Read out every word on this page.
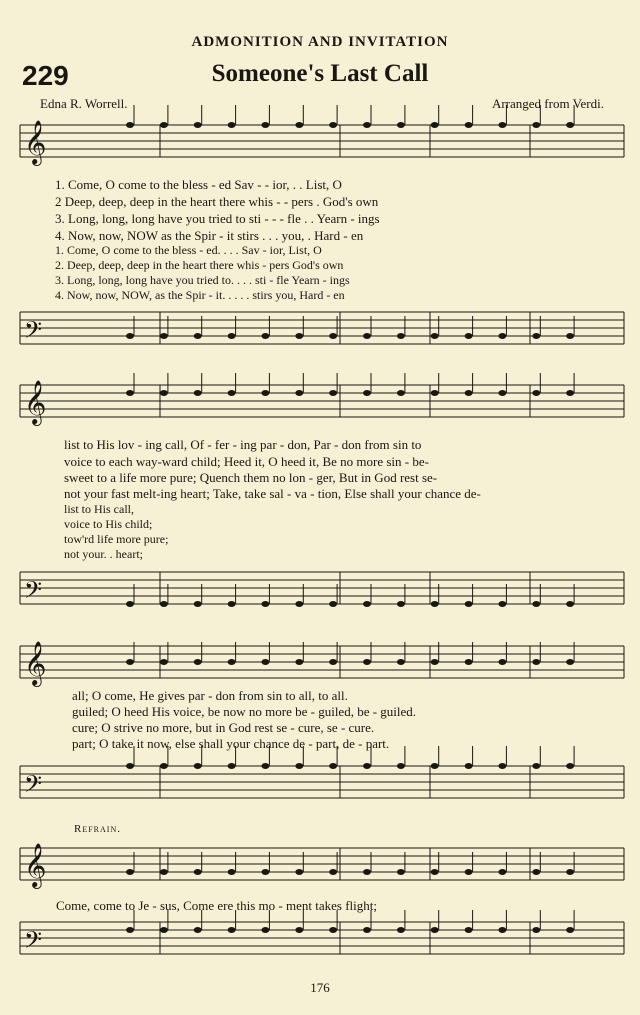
ADMONITION AND INVITATION
229	Someone's Last Call
Edna R. Worrell.	Arranged from Verdi.
𝄞
𝄢
𝄞
𝄢
𝄞
𝄢
𝄞
𝄢
1. Come, O come to the bless - ed Sav - - ior, . . List, O
2 Deep, deep, deep in the heart there whis - - pers . God's own
3. Long, long, long have you tried to sti - - - fle . . Yearn - ings
4. Now, now, NOW as the Spir - it stirs . . . you, . Hard - en
1. Come, O come to the bless - ed. . . . Sav - ior, List, O
2. Deep, deep, deep in the heart there whis - pers God's own
3. Long, long, long have you tried to. . . . sti - fle Yearn - ings
4. Now, now, NOW, as the Spir - it. . . . . stirs you, Hard - en
list to His lov - ing call, Of - fer - ing par - don, Par - don from sin to
voice to each way-ward child; Heed it, O heed it, Be no more sin - be-
sweet to a life more pure; Quench them no lon - ger, But in God rest se-
not your fast melt-ing heart; Take, take sal - va - tion, Else shall your chance de-
list to His call,
voice to His child;
tow'rd life more pure;
not your. . heart;
all; O come, He gives par - don from sin to all, to all.
guiled; O heed His voice, be now no more be - guiled, be - guiled.
cure; O strive no more, but in God rest se - cure, se - cure.
part; O take it now, else shall your chance de - part, de - part.
Refrain.
Come, come to Je - sus, Come ere this mo - ment takes flight;
176
